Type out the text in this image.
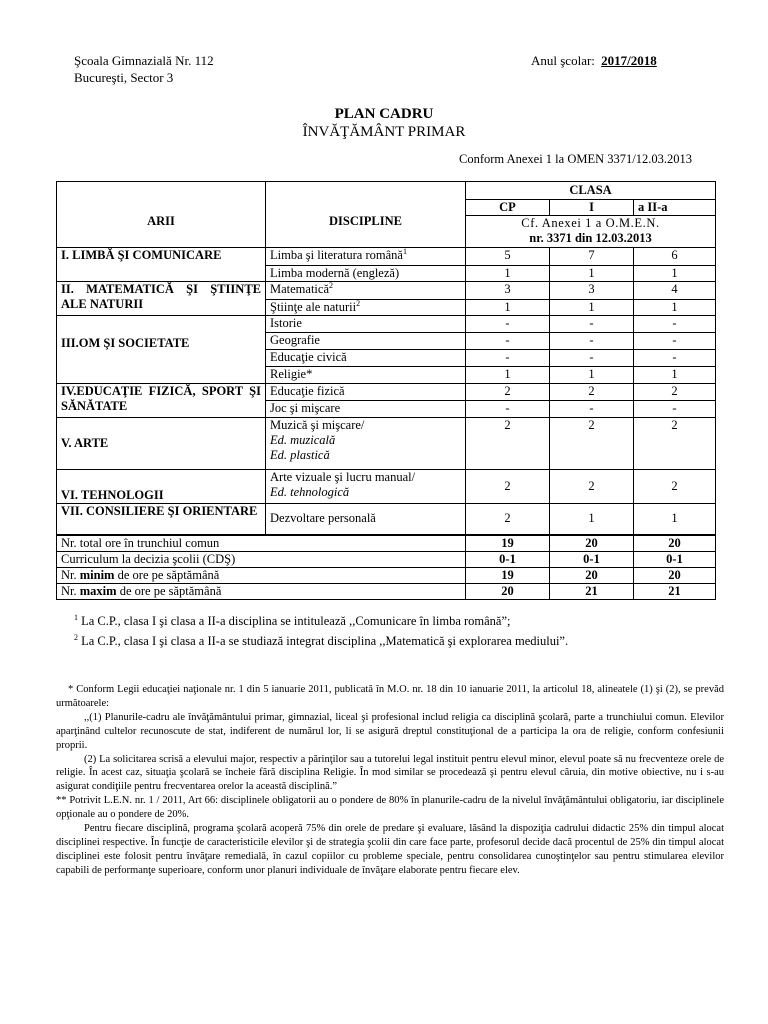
Şcoala Gimnazială Nr. 112
Bucureşti, Sector 3
Anul şcolar: 2017/2018
PLAN CADRU
ÎNVĂŢĂMÂNT PRIMAR
Conform Anexei 1 la OMEN 3371/12.03.2013
ARII	DISCIPLINE	CLASA		
		CP	I	a II-a

		Cf. Anexei 1 a O.M.E.N.
nr. 3371 din 12.03.2013		

I. LIMBĂ ŞI COMUNICARE	Limba şi literatura română$^1$	5	7	6
	Limba modernă (engleză)	1	1	1
II. MATEMATICĂ ŞI ŞTIINŢE ALE NATURII	Matematică$^2$	3	3	4
	Ştiinţe ale naturii$^2$	1	1	1
III.OM ŞI SOCIETATE	Istorie	-	-	-
	Geografie	-	-	-
	Educaţie civică	-	-	-
	Religie*	1	1	1
IV.EDUCAŢIE FIZICĂ, SPORT ŞI SĂNĂTATE	Educaţie fizică	2	2	2
	Joc şi mişcare	-	-	-
V. ARTE	Muzică şi mişcare/
Ed. muzicală
Ed. plastică	2	2	2
VI. TEHNOLOGII	Arte vizuale şi lucru manual/
Ed. tehnologică	2	2	2
VII. CONSILIERE ŞI ORIENTARE	Dezvoltare personală	2	1	1
Nr. total ore în trunchiul comun		19	20	20
Curriculum la decizia şcolii (CDŞ)		0-1	0-1	0-1
Nr. minim de ore pe săptămână		19	20	20
Nr. maxim de ore pe săptămână		20	21	21
$^1$ La C.P., clasa I şi clasa a II-a disciplina se intitulează ,,Comunicare în limba română”;
$^2$ La C.P., clasa I şi clasa a II-a se studiază integrat disciplina ,,Matematică şi explorarea mediului”.

* Conform Legii educaţiei naţionale nr. 1 din 5 ianuarie 2011, publicată în M.O. nr. 18 din 10 ianuarie 2011, la articolul 18, alineatele (1) şi (2), se prevăd următoarele:

,,(1) Planurile-cadru ale învăţământului primar, gimnazial, liceal şi profesional includ religia ca disciplină şcolară, parte a trunchiului comun. Elevilor aparţinând cultelor recunoscute de stat, indiferent de numărul lor, li se asigură dreptul constituţional de a participa la ora de religie, conform confesiunii proprii.

(2) La solicitarea scrisă a elevului major, respectiv a părinţilor sau a tutorelui legal instituit pentru elevul minor, elevul poate să nu frecventeze orele de religie. În acest caz, situaţia şcolară se încheie fără disciplina Religie. În mod similar se procedează şi pentru elevul căruia, din motive obiective, nu i s-au asigurat condiţiile pentru frecventarea orelor la această disciplină.”

** Potrivit L.E.N. nr. 1 / 2011, Art 66: disciplinele obligatorii au o pondere de 80% în planurile-cadru de la nivelul învăţământului obligatoriu, iar disciplinele opţionale au o pondere de 20%.

Pentru fiecare disciplină, programa şcolară acoperă 75% din orele de predare şi evaluare, lăsând la dispoziţia cadrului didactic 25% din timpul alocat disciplinei respective. În funcţie de caracteristicile elevilor şi de strategia şcolii din care face parte, profesorul decide dacă procentul de 25% din timpul alocat disciplinei este folosit pentru învăţare remedială, în cazul copiilor cu probleme speciale, pentru consolidarea cunoştinţelor sau pentru stimularea elevilor capabili de performanţe superioare, conform unor planuri individuale de învăţare elaborate pentru fiecare elev.
